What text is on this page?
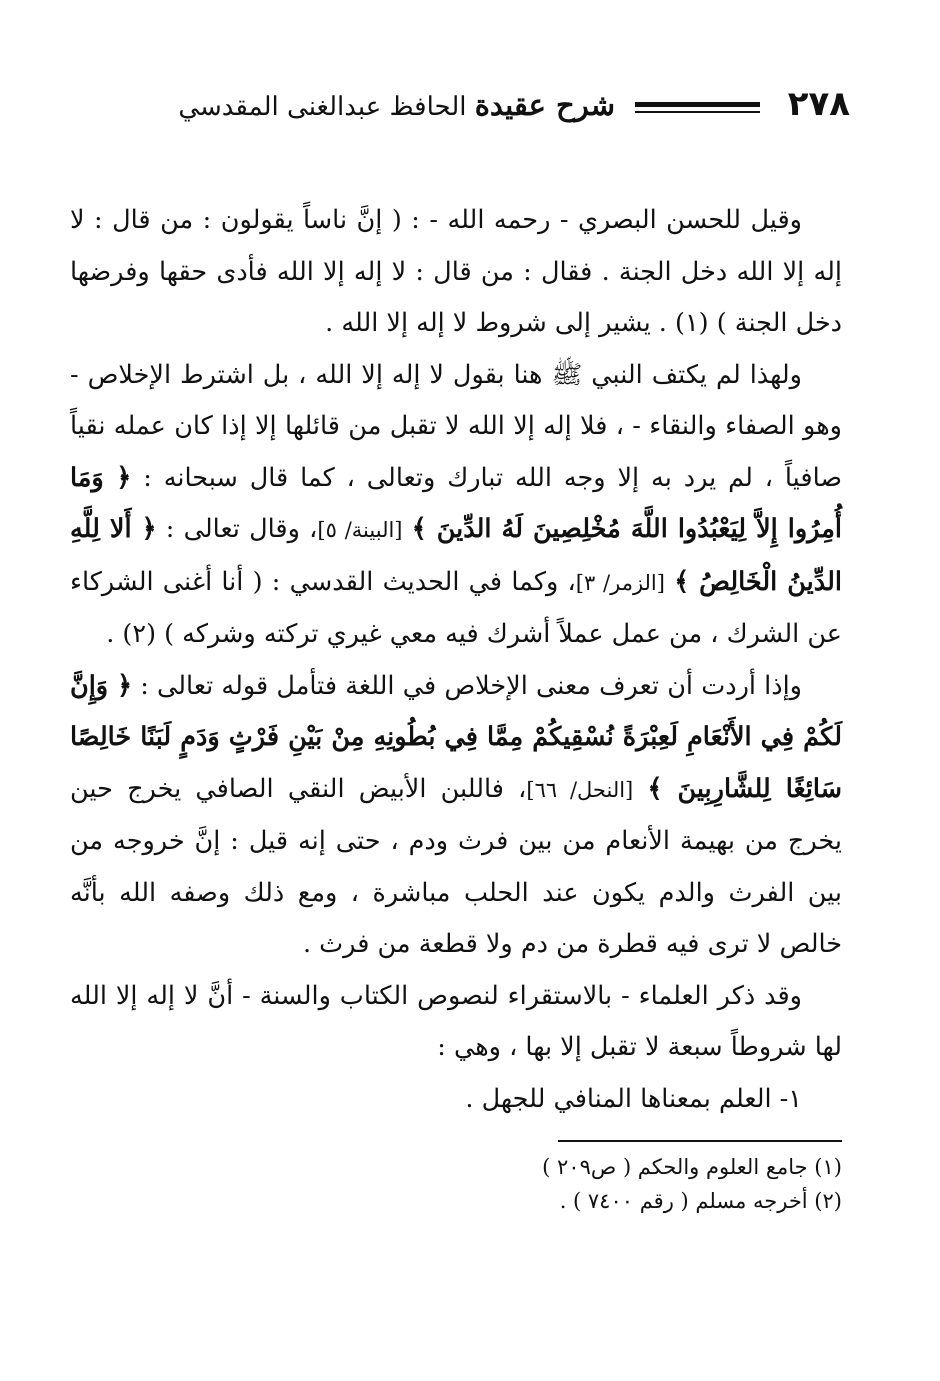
٢٧٨
شرح عقيدة الحافظ عبدالغنى المقدسي

وقيل للحسن البصري - رحمه الله - : ( إنَّ ناساً يقولون : من قال : لا إله إلا الله دخل الجنة . فقال : من قال : لا إله إلا الله فأدى حقها وفرضها دخل الجنة ) (١) . يشير إلى شروط لا إله إلا الله .

ولهذا لم يكتف النبي ﷺ هنا بقول لا إله إلا الله ، بل اشترط الإخلاص - وهو الصفاء والنقاء - ، فلا إله إلا الله لا تقبل من قائلها إلا إذا كان عمله نقياً صافياً ، لم يرد به إلا وجه الله تبارك وتعالى ، كما قال سبحانه : ﴿ وَمَا أُمِرُوا إِلاَّ لِيَعْبُدُوا اللَّهَ مُخْلِصِينَ لَهُ الدِّينَ ﴾ [البينة/ ٥]، وقال تعالى : ﴿ أَلا لِلَّهِ الدِّينُ الْخَالِصُ ﴾ [الزمر/ ٣]، وكما في الحديث القدسي : ( أنا أغنى الشركاء عن الشرك ، من عمل عملاً أشرك فيه معي غيري تركته وشركه ) (٢) .

وإذا أردت أن تعرف معنى الإخلاص في اللغة فتأمل قوله تعالى : ﴿ وَإِنَّ لَكُمْ فِي الأَنْعَامِ لَعِبْرَةً نُسْقِيكُمْ مِمَّا فِي بُطُونِهِ مِنْ بَيْنِ فَرْثٍ وَدَمٍ لَبَنًا خَالِصًا سَائِغًا لِلشَّارِبِينَ ﴾ [النحل/ ٦٦]، فاللبن الأبيض النقي الصافي يخرج حين يخرج من بهيمة الأنعام من بين فرث ودم ، حتى إنه قيل : إنَّ خروجه من بين الفرث والدم يكون عند الحلب مباشرة ، ومع ذلك وصفه الله بأنَّه خالص لا ترى فيه قطرة من دم ولا قطعة من فرث .

وقد ذكر العلماء - بالاستقراء لنصوص الكتاب والسنة - أنَّ لا إله إلا الله لها شروطاً سبعة لا تقبل إلا بها ، وهي :

١- العلم بمعناها المنافي للجهل .

(١) جامع العلوم والحكم ( ص٢٠٩ )
(٢) أخرجه مسلم ( رقم ٧٤٠٠ ) .
